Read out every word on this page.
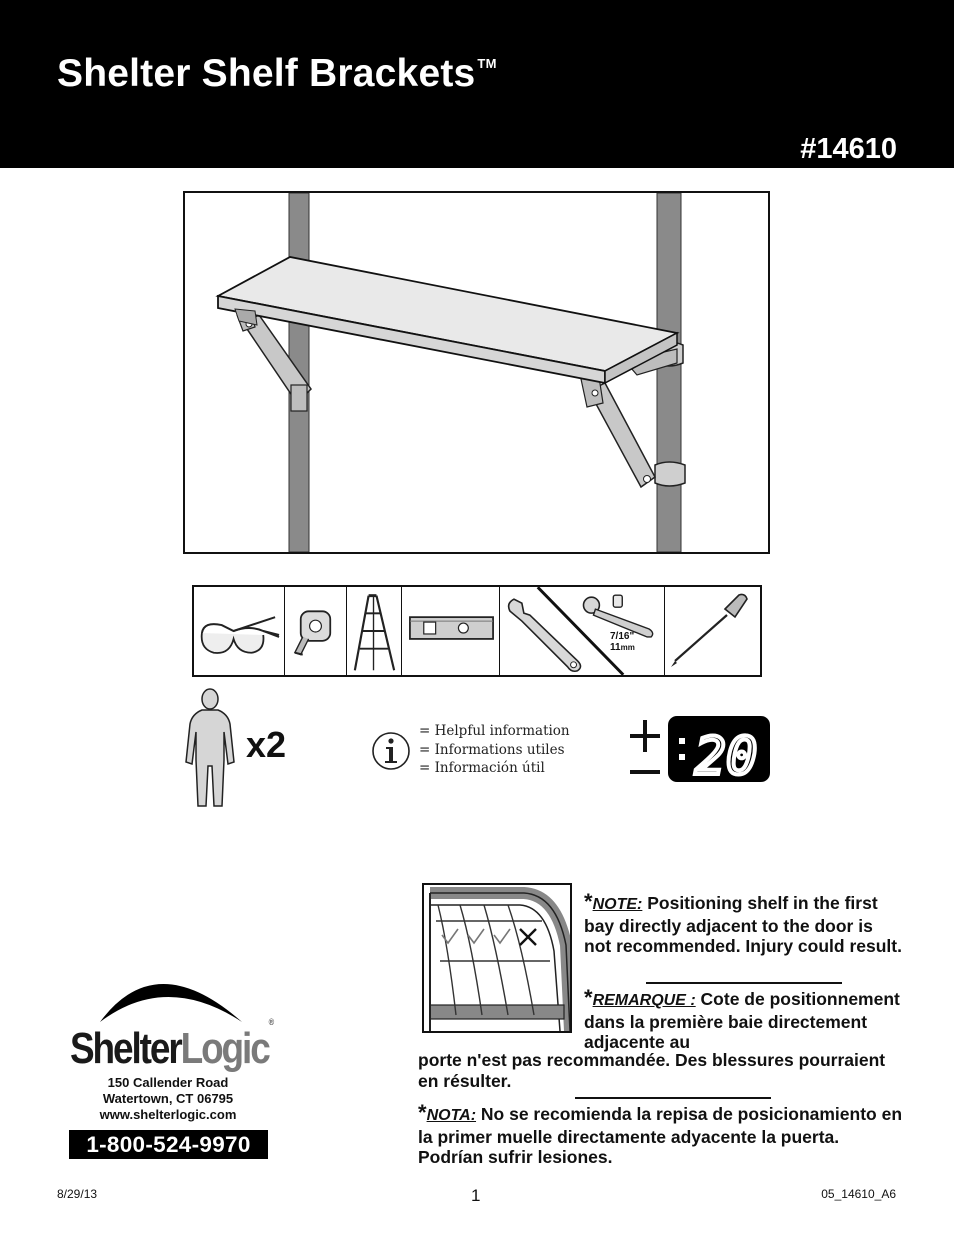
Shelter Shelf Brackets ™
#14610
7/16"
11mm
x2	= Helpful information
= Informations utiles
= Información útil	20
*NOTE: Positioning shelf in the first bay directly adjacent to the door is not recommended. Injury could result.
*REMARQUE : Cote de positionnement dans la première baie directement adjacente au
porte n'est pas recommandée. Des blessures pourraient en résulter.
*NOTA: No se recomienda la repisa de posicionamiento en la primer muelle directamente adyacente la puerta. Podrían sufrir lesiones.
ShelterLogic®
150 Callender Road
Watertown, CT 06795
www.shelterlogic.com
1-800-524-9970
8/29/13	1	05_14610_A6
